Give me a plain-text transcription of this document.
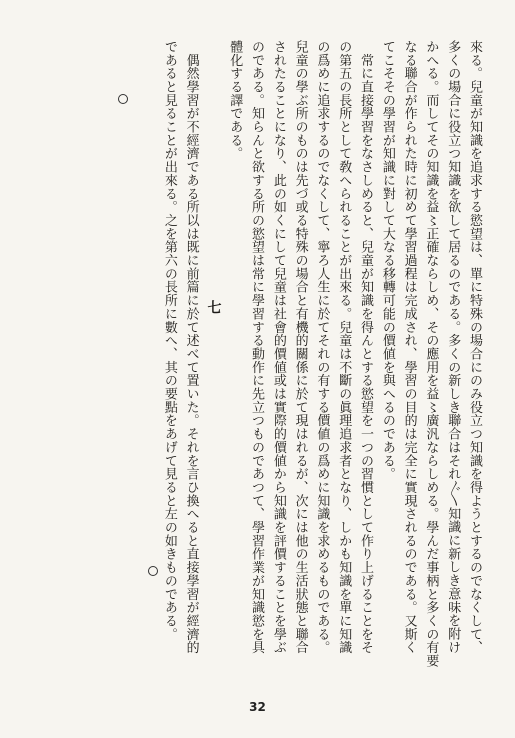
來る。兒童が知識を追求する慾望は、單に特殊の場合にのみ役立つ知識を得ようとするのでなくして、
多くの場合に役立つ知識を欲して居るのである。多くの新しき聯合はそれ〴〵知識に新しき意味を附け
かへる。而してその知識を益〻正確ならしめ、その應用を益〻廣汎ならしめる。學んだ事柄と多くの有要
なる聯合が作られた時に初めて學習過程は完成され、學習の目的は完全に實現されるのである。又斯く
てこそその學習が知識に對して大なる移轉可能の價値を與へるのである。
　常に直接學習をなさしめると、兒童が知識を得んとする慾望を一つの習慣として作り上げることをそ
の第五の長所として敎へられることが出來る。兒童は不斷の眞理追求者となり、しかも知識を單に知識
の爲めに追求するのでなくして、寧ろ人生に於てそれの有する價値の爲めに知識を求めるものである。
兒童の學ぶ所のものは先づ或る特殊の場合と有機的關係に於て現はれるが、次には他の生活狀態と聯合
されたることになり、此の如くにして兒童は社會的價値或は實際的價値から知識を評價することを學ぶ
のである。知らんと欲する所の慾望は常に學習する動作に先立つものであつて、學習作業が知識慾を具
體化する譯である。
七
　偶然學習が不經濟である所以は既に前篇に於て述べて置いた。それを言ひ換へると直接學習が經濟的
であると見ることが出來る。之を第六の長所に數へ、其の要點をあげて見ると左の如きものである。
32
